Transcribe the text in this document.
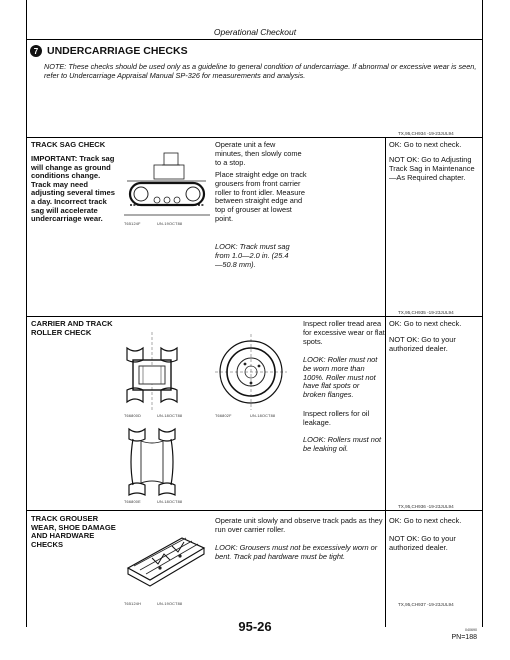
Operational Checkout
7 UNDERCARRIAGE CHECKS
NOTE: These checks should be used only as a guideline to general condition of undercarriage. If abnormal or excessive wear is seen, refer to Undercarriage Appraisal Manual SP-326 for measurements and analysis.
TX,95,CH934 -19-23JUL94
TRACK SAG CHECK
IMPORTANT: Track sag will change as ground conditions change. Track may need adjusting several times a day. Incorrect track sag will accelerate undercarriage wear.
T65124F	UN-19OCT88
Operate unit a few minutes, then slowly come to a stop.
Place straight edge on track grousers from front carrier roller to front idler. Measure between straight edge and top of grouser at lowest point.
LOOK: Track must sag from 1.0—2.0 in. (25.4—50.8 mm).
OK: Go to next check.
NOT OK: Go to Adjusting Track Sag in Maintenance—As Required chapter.
TX,95,CH935 -19-23JUL94
CARRIER AND TRACK ROLLER CHECK
T66800D	UN-18OCT88	T66802F	UN-18OCT88
T66800E	UN-18OCT88
Inspect roller tread area for excessive wear or flat spots.
LOOK: Roller must not be worn more than 100%. Roller must not have flat spots or broken flanges.
Inspect rollers for oil leakage.
LOOK: Rollers must not be leaking oil.
OK: Go to next check.
NOT OK: Go to your authorized dealer.
TX,95,CH936 -19-23JUL94
TRACK GROUSER WEAR, SHOE DAMAGE AND HARDWARE CHECKS
T65124H	UN-19OCT88
Operate unit slowly and observe track pads as they run over carrier roller.
LOOK: Grousers must not be excessively worn or bent. Track pad hardware must be tight.
OK: Go to next check.
NOT OK: Go to your authorized dealer.
TX,95,CH937 -19-23JUL94
95-26	040690
PN=188
